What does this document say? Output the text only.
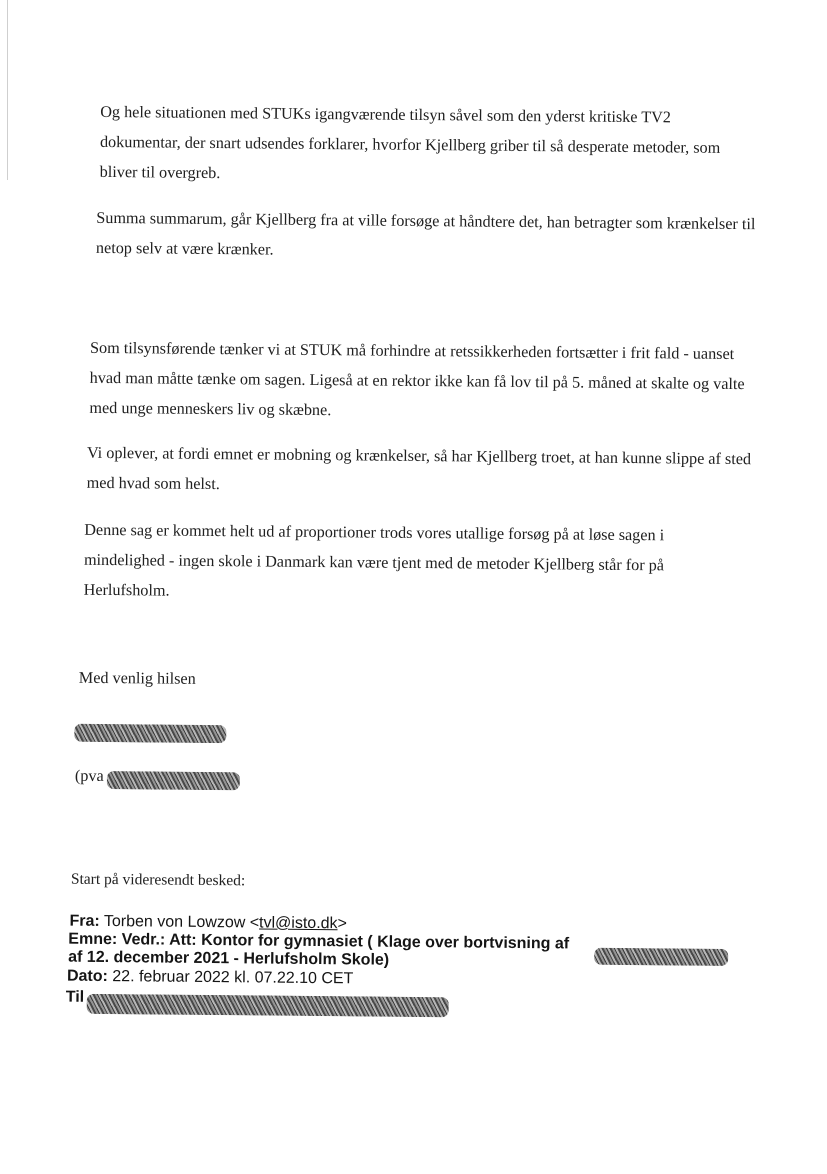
Og hele situationen med STUKs igangværende tilsyn såvel som den yderst kritiske TV2 dokumentar, der snart udsendes forklarer, hvorfor Kjellberg griber til så desperate metoder, som bliver til overgreb.

Summa summarum, går Kjellberg fra at ville forsøge at håndtere det, han betragter som krænkelser til netop selv at være krænker.

Som tilsynsførende tænker vi at STUK må forhindre at retssikkerheden fortsætter i frit fald - uanset hvad man måtte tænke om sagen. Ligeså at en rektor ikke kan få lov til på 5. måned at skalte og valte med unge menneskers liv og skæbne.

Vi oplever, at fordi emnet er mobning og krænkelser, så har Kjellberg troet, at han kunne slippe af sted med hvad som helst.

Denne sag er kommet helt ud af proportioner trods vores utallige forsøg på at løse sagen i mindelighed - ingen skole i Danmark kan være tjent med de metoder Kjellberg står for på Herlufsholm.

Med venlig hilsen
(pva
Start på videresendt besked:

Fra: Torben von Lowzow <tvl@isto.dk>

Emne: Vedr.: Att: Kontor for gymnasiet ( Klage over bortvisning af

af 12. december 2021 - Herlufsholm Skole)

Dato: 22. februar 2022 kl. 07.22.10 CET

Til
